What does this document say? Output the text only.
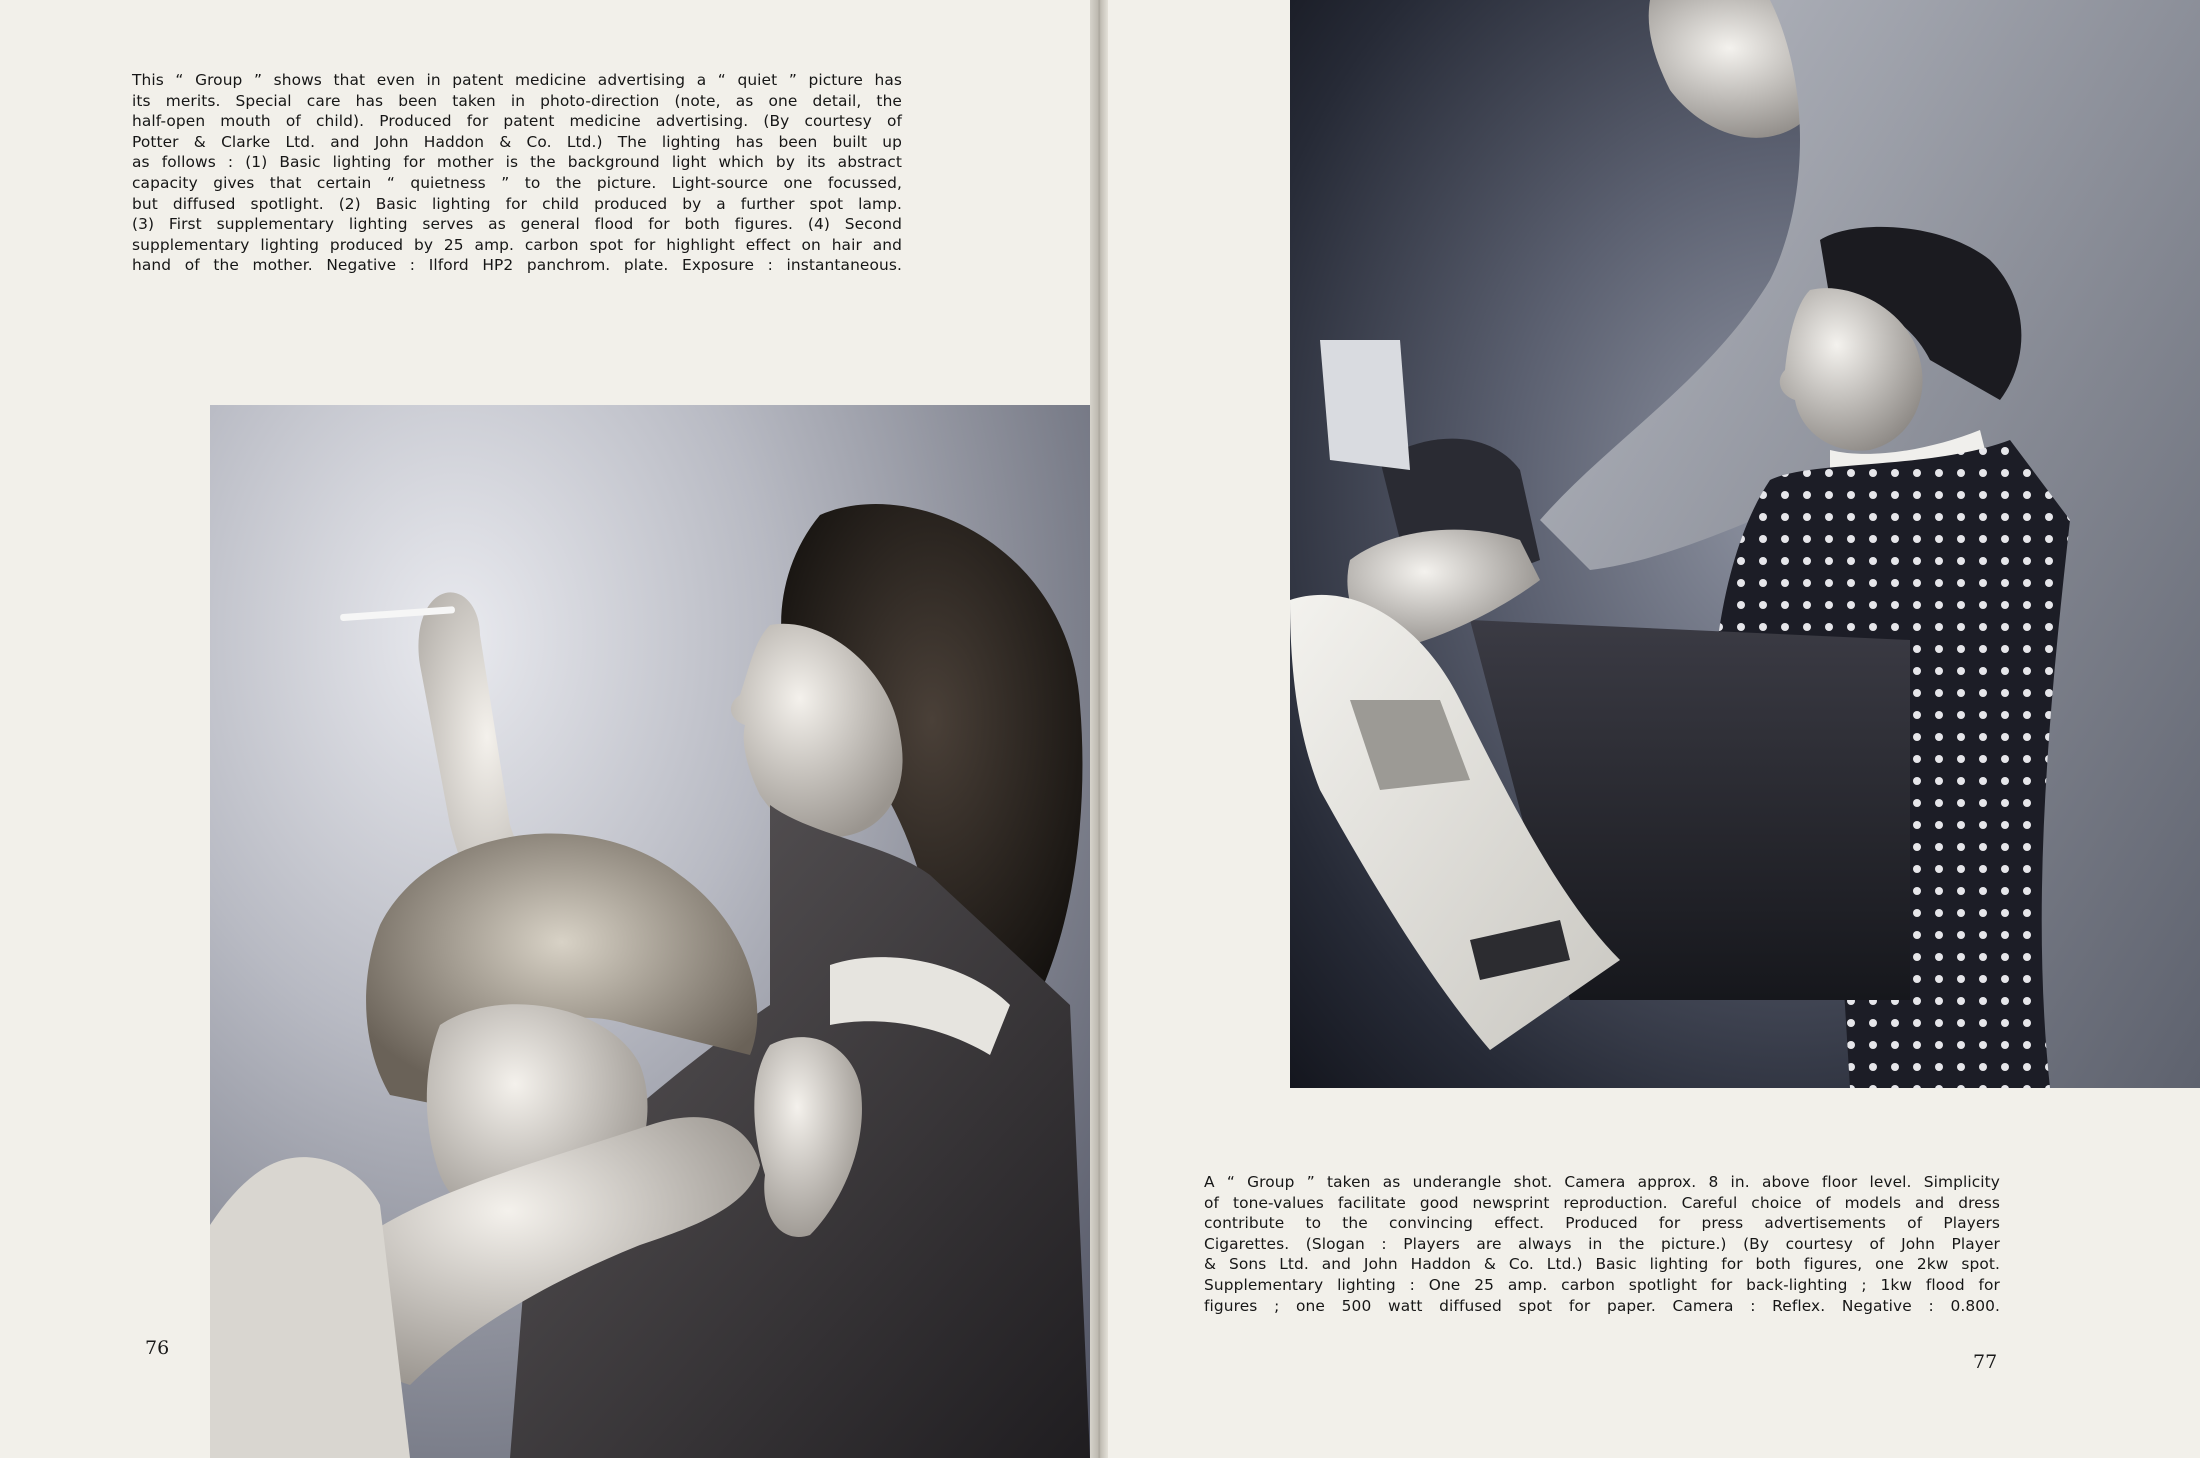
This “ Group ” shows that even in patent medicine advertising a “ quiet ” picture has
its merits. Special care has been taken in photo-direction (note, as one detail, the
half-open mouth of child). Produced for patent medicine advertising. (By courtesy of
Potter & Clarke Ltd. and John Haddon & Co. Ltd.) The lighting has been built up
as follows : (1) Basic lighting for mother is the background light which by its abstract
capacity gives that certain “ quietness ” to the picture. Light-source one focussed,
but diffused spotlight. (2) Basic lighting for child produced by a further spot lamp.
(3) First supplementary lighting serves as general flood for both figures. (4) Second
supplementary lighting produced by 25 amp. carbon spot for highlight effect on hair and
hand of the mother. Negative : Ilford HP2 panchrom. plate. Exposure : instantaneous.
76
A “ Group ” taken as underangle shot. Camera approx. 8 in. above floor level. Simplicity
of tone-values facilitate good newsprint reproduction. Careful choice of models and dress
contribute to the convincing effect. Produced for press advertisements of Players
Cigarettes. (Slogan : Players are always in the picture.) (By courtesy of John Player
& Sons Ltd. and John Haddon & Co. Ltd.) Basic lighting for both figures, one 2kw spot.
Supplementary lighting : One 25 amp. carbon spotlight for back-lighting ; 1kw flood for
figures ; one 500 watt diffused spot for paper. Camera : Reflex. Negative : 0.800.
77
